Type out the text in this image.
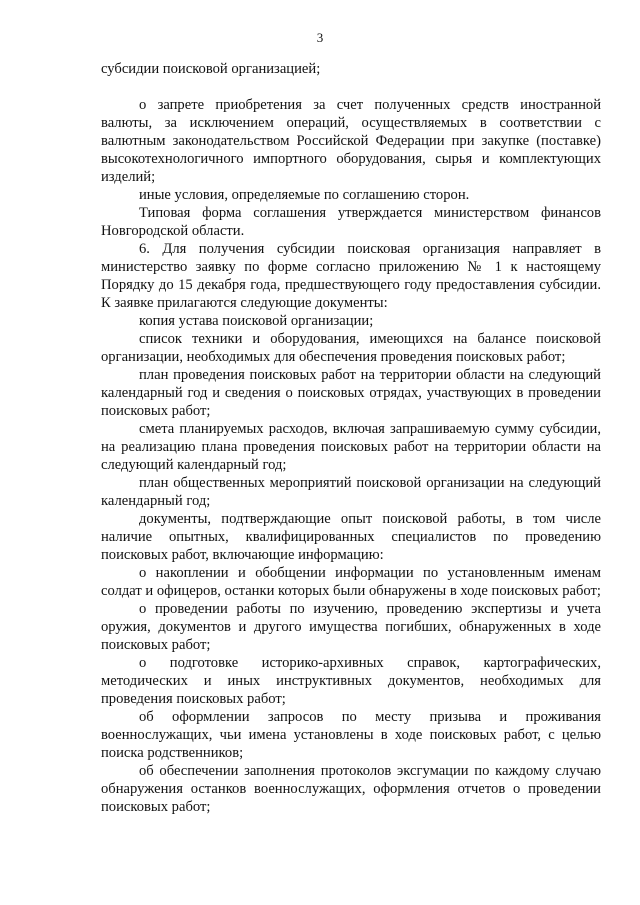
3

субсидии поисковой организацией;

о запрете приобретения за счет полученных средств иностранной валюты, за исключением операций, осуществляемых в соответствии с валютным законодательством Российской Федерации при закупке (поставке) высокотехнологичного импортного оборудования, сырья и комплектующих изделий;

иные условия, определяемые по соглашению сторон.

Типовая форма соглашения утверждается министерством финансов Новгородской области.

6. Для получения субсидии поисковая организация направляет в министерство заявку по форме согласно приложению № 1 к настоящему Порядку до 15 декабря года, предшествующего году предоставления субсидии. К заявке прилагаются следующие документы:

копия устава поисковой организации;

список техники и оборудования, имеющихся на балансе поисковой организации, необходимых для обеспечения проведения поисковых работ;

план проведения поисковых работ на территории области на следующий календарный год и сведения о поисковых отрядах, участвующих в проведении поисковых работ;

смета планируемых расходов, включая запрашиваемую сумму субсидии, на реализацию плана проведения поисковых работ на территории области на следующий календарный год;

план общественных мероприятий поисковой организации на следующий календарный год;

документы, подтверждающие опыт поисковой работы, в том числе наличие опытных, квалифицированных специалистов по проведению поисковых работ, включающие информацию:

о накоплении и обобщении информации по установленным именам солдат и офицеров, останки которых были обнаружены в ходе поисковых работ;

о проведении работы по изучению, проведению экспертизы и учета оружия, документов и другого имущества погибших, обнаруженных в ходе поисковых работ;

о подготовке историко-архивных справок, картографических, методических и иных инструктивных документов, необходимых для проведения поисковых работ;

об оформлении запросов по месту призыва и проживания военнослужащих, чьи имена установлены в ходе поисковых работ, с целью поиска родственников;

об обеспечении заполнения протоколов эксгумации по каждому случаю обнаружения останков военнослужащих, оформления отчетов о проведении поисковых работ;
